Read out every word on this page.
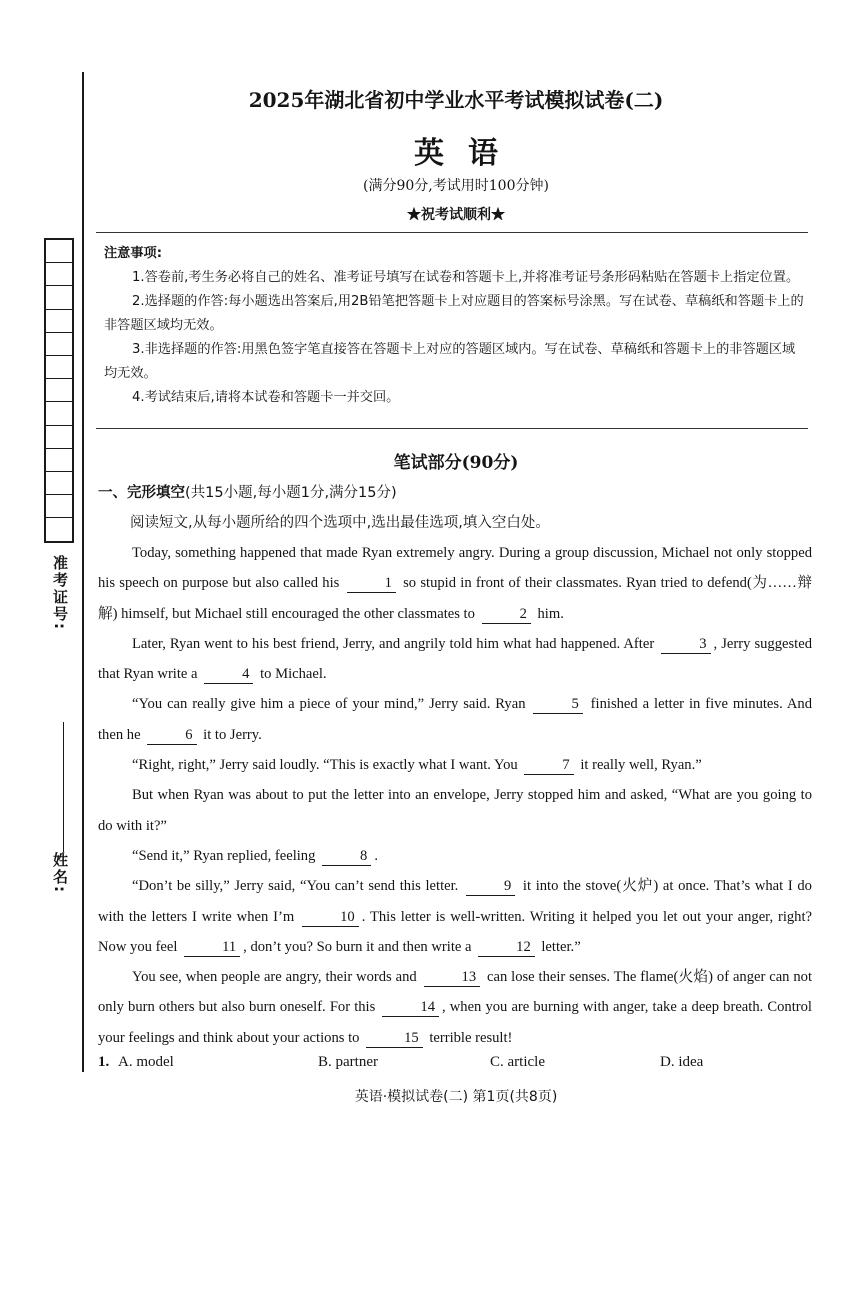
准考证号:
姓名:
2025年湖北省初中学业水平考试模拟试卷(二)
英语
(满分90分,考试用时100分钟)
★祝考试顺利★
注意事项:

1.答卷前,考生务必将自己的姓名、准考证号填写在试卷和答题卡上,并将准考证号条形码粘贴在答题卡上指定位置。

2.选择题的作答:每小题选出答案后,用2B铅笔把答题卡上对应题目的答案标号涂黑。写在试卷、草稿纸和答题卡上的非答题区域均无效。

3.非选择题的作答:用黑色签字笔直接答在答题卡上对应的答题区域内。写在试卷、草稿纸和答题卡上的非答题区域均无效。

4.考试结束后,请将本试卷和答题卡一并交回。

笔试部分(90分)
一、完形填空(共15小题,每小题1分,满分15分)
阅读短文,从每小题所给的四个选项中,选出最佳选项,填入空白处。

Today, something happened that made Ryan extremely angry. During a group discussion, Michael not only stopped his speech on purpose but also called his	1 so stupid in front of their classmates. Ryan tried to defend(为……辩解) himself, but Michael still encouraged the other classmates to	2 him.

Later, Ryan went to his best friend, Jerry, and angrily told him what had happened. After	3 , Jerry suggested that Ryan write a	4 to Michael.

“You can really give him a piece of your mind,” Jerry said. Ryan	5 finished a letter in five minutes. And then he	6 it to Jerry.

“Right, right,” Jerry said loudly. “This is exactly what I want. You	7 it really well, Ryan.”

But when Ryan was about to put the letter into an envelope, Jerry stopped him and asked, “What are you going to do with it?”

“Send it,” Ryan replied, feeling	8 .

“Don’t be silly,” Jerry said, “You can’t send this letter.	9 it into the stove(火炉) at once. That’s what I do with the letters I write when I’m	10 . This letter is well-written. Writing it helped you let out your anger, right? Now you feel	11 , don’t you? So burn it and then write a	12 letter.”

You see, when people are angry, their words and	13 can lose their senses. The flame(火焰) of anger can not only burn others but also burn oneself. For this	14 , when you are burning with anger, take a deep breath. Control your feelings and think about your actions to	15 terrible result!

1. A. model	B. partner	C. article	D. idea
英语·模拟试卷(二) 第1页(共8页)
